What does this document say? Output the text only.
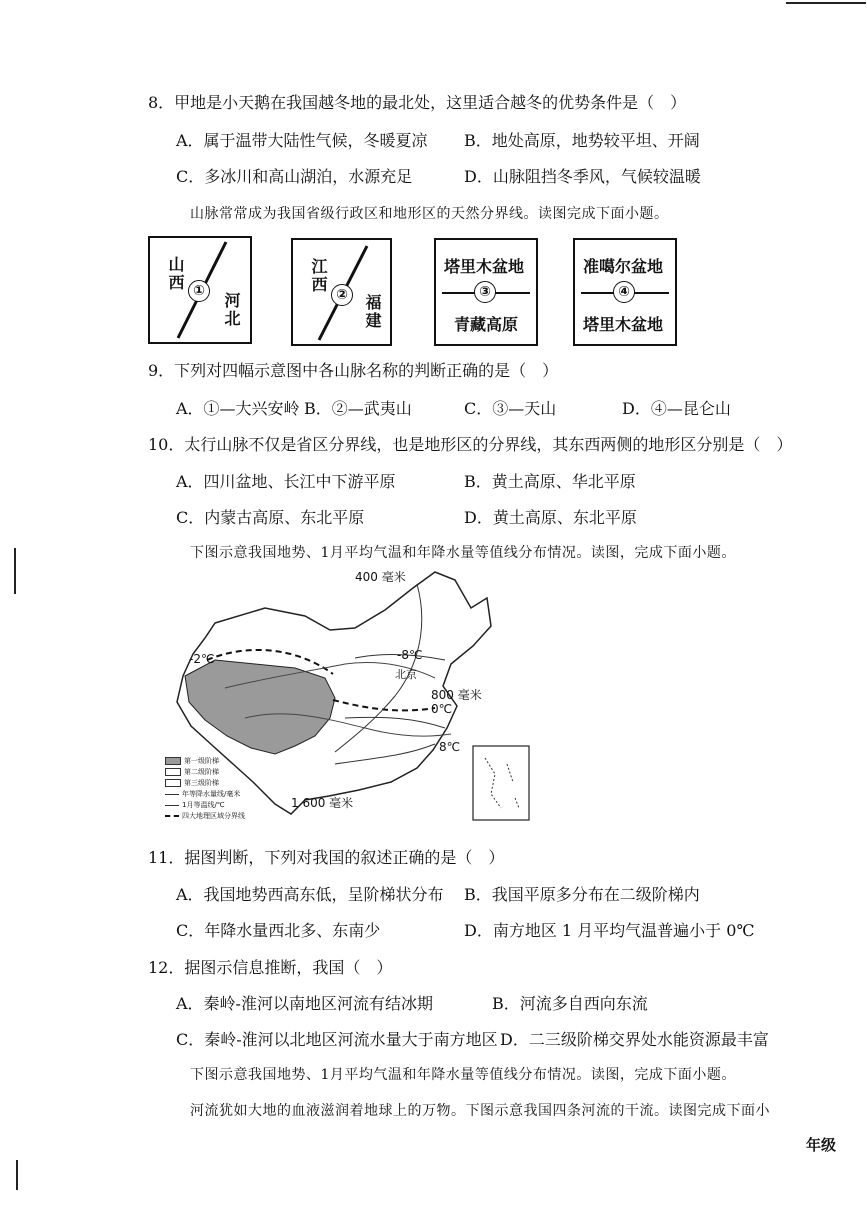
8．甲地是小天鹅在我国越冬地的最北处，这里适合越冬的优势条件是（　）
A．属于温带大陆性气候，冬暖夏凉 B．地处高原，地势较平坦、开阔
C．多冰川和高山湖泊，水源充足	D．山脉阻挡冬季风，气候较温暖
山脉常常成为我国省级行政区和地形区的天然分界线。读图完成下面小题。
山西 ①
河北
江西
② 福建
塔里木盆地
③
青藏高原
准噶尔盆地
④
塔里木盆地
9．下列对四幅示意图中各山脉名称的判断正确的是（　）
A．①—大兴安岭 B．②—武夷山	C．③—天山	D．④—昆仑山
10．太行山脉不仅是省区分界线，也是地形区的分界线，其东西两侧的地形区分别是（　）
A．四川盆地、长江中下游平原	B．黄土高原、华北平原
C．内蒙古高原、东北平原	D．黄土高原、东北平原
下图示意我国地势、1月平均气温和年降水量等值线分布情况。读图，完成下面小题。
400 毫米
-8℃
北京
800 毫米
0℃
8℃
-2℃
1 600 毫米
第一级阶梯
第二级阶梯
第三级阶梯
年等降水量线/毫米
1月等温线/℃
四大地理区域分界线
11．据图判断，下列对我国的叙述正确的是（　）
A．我国地势西高东低，呈阶梯状分布 B．我国平原多分布在二级阶梯内
C．年降水量西北多、东南少	D．南方地区 1 月平均气温普遍小于 0℃
12．据图示信息推断，我国（　）
A．秦岭-淮河以南地区河流有结冰期	B．河流多自西向东流
C．秦岭-淮河以北地区河流水量大于南方地区 D．二三级阶梯交界处水能资源最丰富
下图示意我国地势、1月平均气温和年降水量等值线分布情况。读图，完成下面小题。
河流犹如大地的血液滋润着地球上的万物。下图示意我国四条河流的干流。读图完成下面小
年级
